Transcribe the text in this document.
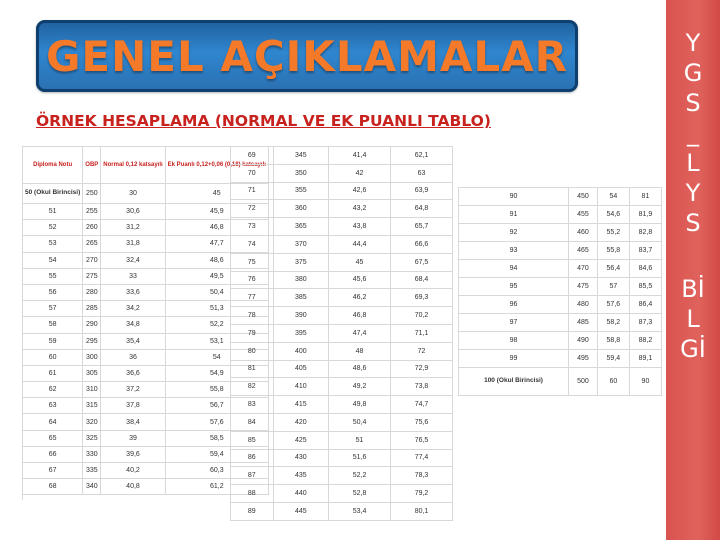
GENEL AÇIKLAMALAR
ÖRNEK HESAPLAMA (NORMAL VE EK PUANLI TABLO)
Diploma Notu	OBP	Normal 0,12 katsayılı	Ek Puanlı 0,12+0,06 (0,18) katsayılı
50 (Okul Birincisi)	250	30	45
51	255	30,6	45,9
52	260	31,2	46,8
53	265	31,8	47,7
54	270	32,4	48,6
55	275	33	49,5
56	280	33,6	50,4
57	285	34,2	51,3
58	290	34,8	52,2
59	295	35,4	53,1
60	300	36	54
61	305	36,6	54,9
62	310	37,2	55,8
63	315	37,8	56,7
64	320	38,4	57,6
65	325	39	58,5
66	330	39,6	59,4
67	335	40,2	60,3
68	340	40,8	61,2
69	345	41,4	62,1
70	350	42	63
71	355	42,6	63,9
72	360	43,2	64,8
73	365	43,8	65,7
74	370	44,4	66,6
75	375	45	67,5
76	380	45,6	68,4
77	385	46,2	69,3
78	390	46,8	70,2
79	395	47,4	71,1
80	400	48	72
81	405	48,6	72,9
82	410	49,2	73,8
83	415	49,8	74,7
84	420	50,4	75,6
85	425	51	76,5
86	430	51,6	77,4
87	435	52,2	78,3
88	440	52,8	79,2
89	445	53,4	80,1
90	450	54	81
91	455	54,6	81,9
92	460	55,2	82,8
93	465	55,8	83,7
94	470	56,4	84,6
95	475	57	85,5
96	480	57,6	86,4
97	485	58,2	87,3
98	490	58,8	88,2
99	495	59,4	89,1
100 (Okul Birincisi)	500	60	90
Y
G
S
_
L
Y
S
Bİ
L
Gİ
